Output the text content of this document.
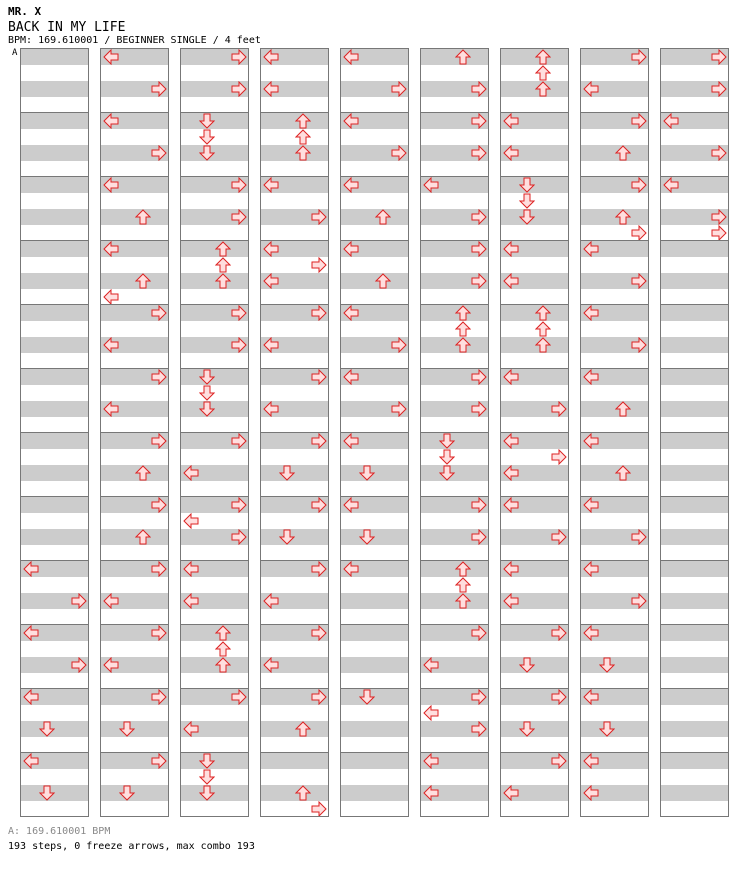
MR. X
BACK IN MY LIFE
BPM: 169.610001 / BEGINNER SINGLE / 4 feet
A
A: 169.610001 BPM
193 steps, 0 freeze arrows, max combo 193
